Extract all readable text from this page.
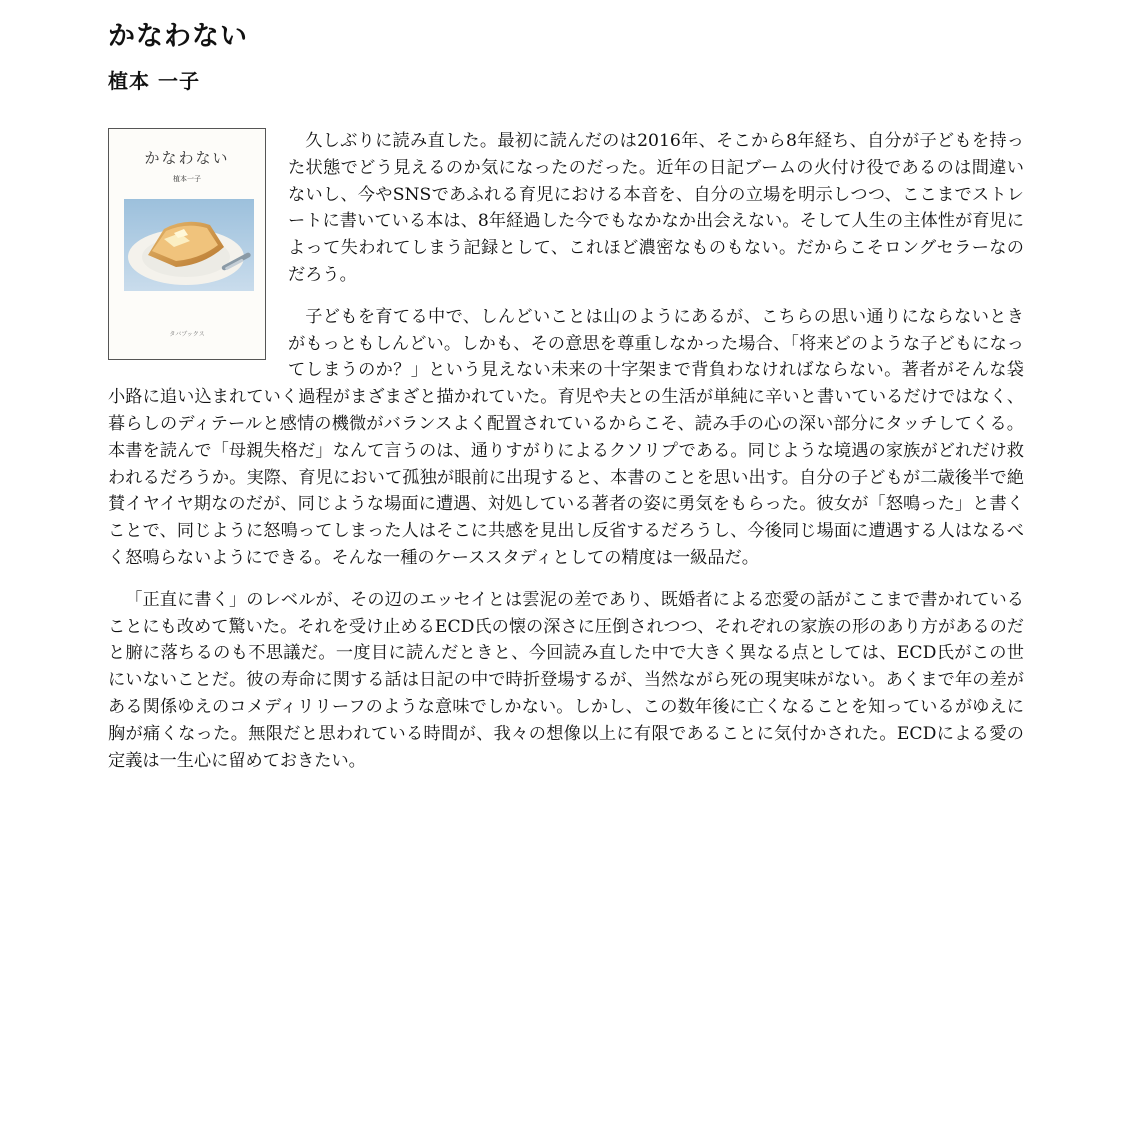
かなわない
植本 一子
かなわない
植本一子
タバブックス

久しぶりに読み直した。最初に読んだのは2016年、そこから8年経ち、自分が子どもを持った状態でどう見えるのか気になったのだった。近年の日記ブームの火付け役であるのは間違いないし、今やSNSであふれる育児における本音を、自分の立場を明示しつつ、ここまでストレートに書いている本は、8年経過した今でもなかなか出会えない。そして人生の主体性が育児によって失われてしまう記録として、これほど濃密なものもない。だからこそロングセラーなのだろう。

子どもを育てる中で、しんどいことは山のようにあるが、こちらの思い通りにならないときがもっともしんどい。しかも、その意思を尊重しなかった場合、「将来どのような子どもになってしまうのか？」という見えない未来の十字架まで背負わなければならない。著者がそんな袋小路に追い込まれていく過程がまざまざと描かれていた。育児や夫との生活が単純に辛いと書いているだけではなく、暮らしのディテールと感情の機微がバランスよく配置されているからこそ、読み手の心の深い部分にタッチしてくる。本書を読んで「母親失格だ」なんて言うのは、通りすがりによるクソリプである。同じような境遇の家族がどれだけ救われるだろうか。実際、育児において孤独が眼前に出現すると、本書のことを思い出す。自分の子どもが二歳後半で絶賛イヤイヤ期なのだが、同じような場面に遭遇、対処している著者の姿に勇気をもらった。彼女が「怒鳴った」と書くことで、同じように怒鳴ってしまった人はそこに共感を見出し反省するだろうし、今後同じ場面に遭遇する人はなるべく怒鳴らないようにできる。そんな一種のケーススタディとしての精度は一級品だ。

「正直に書く」のレベルが、その辺のエッセイとは雲泥の差であり、既婚者による恋愛の話がここまで書かれていることにも改めて驚いた。それを受け止めるECD氏の懐の深さに圧倒されつつ、それぞれの家族の形のあり方があるのだと腑に落ちるのも不思議だ。一度目に読んだときと、今回読み直した中で大きく異なる点としては、ECD氏がこの世にいないことだ。彼の寿命に関する話は日記の中で時折登場するが、当然ながら死の現実味がない。あくまで年の差がある関係ゆえのコメディリリーフのような意味でしかない。しかし、この数年後に亡くなることを知っているがゆえに胸が痛くなった。無限だと思われている時間が、我々の想像以上に有限であることに気付かされた。ECDによる愛の定義は一生心に留めておきたい。
